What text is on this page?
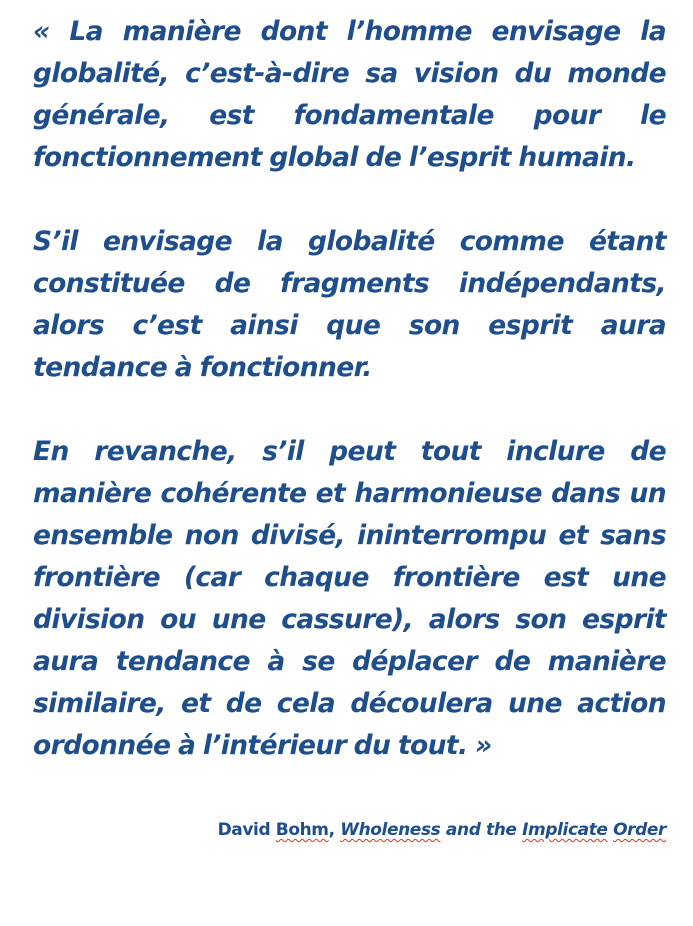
« La manière dont l’homme envisage la globalité, c’est-à-dire sa vision du monde générale, est fondamentale pour le fonctionnement global de l’esprit humain.

S’il envisage la globalité comme étant constituée de fragments indépendants, alors c’est ainsi que son esprit aura tendance à fonctionner.

En revanche, s’il peut tout inclure de manière cohérente et harmonieuse dans un ensemble non divisé, ininterrompu et sans frontière (car chaque frontière est une division ou une cassure), alors son esprit aura tendance à se déplacer de manière similaire, et de cela découlera une action ordonnée à l’intérieur du tout. »

David Bohm, Wholeness and the Implicate Order
